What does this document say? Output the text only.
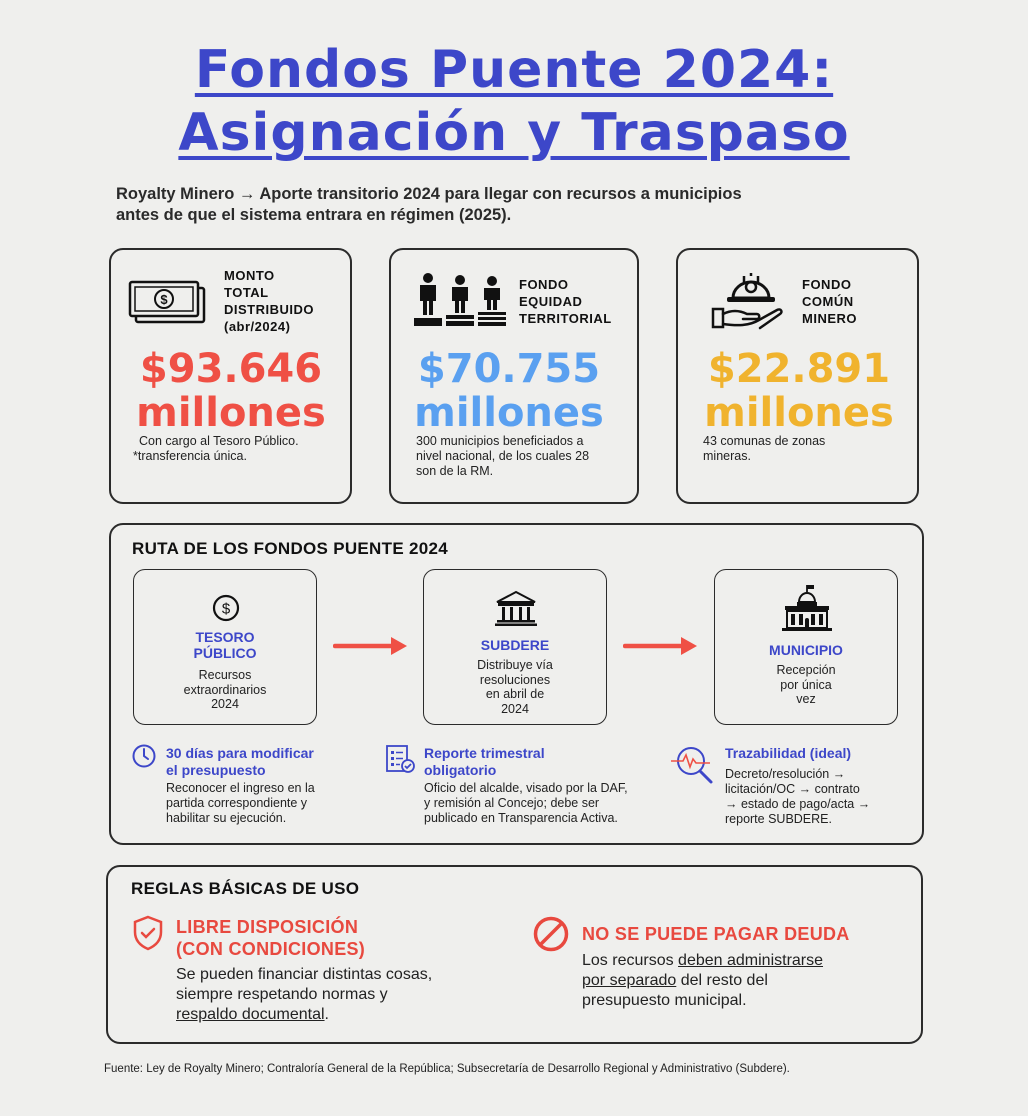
Fondos Puente 2024:
Asignación y Traspaso
Royalty Minero → Aporte transitorio 2024 para llegar con recursos a municipios
antes de que el sistema entrara en régimen (2025).
$
MONTO
TOTAL
DISTRIBUIDO
(abr/2024)
$93.646
millones
Con cargo al Tesoro Público.
*transferencia única.
FONDO
EQUIDAD
TERRITORIAL
$70.755
millones
300 municipios beneficiados a
nivel nacional, de los cuales 28
son de la RM.
FONDO
COMÚN
MINERO
$22.891
millones
43 comunas de zonas
mineras.
RUTA DE LOS FONDOS PUENTE 2024
$
TESORO
PÚBLICO
Recursos
extraordinarios
2024
SUBDERE
Distribuye vía
resoluciones
en abril de
2024
MUNICIPIO
Recepción
por única
vez
30 días para modificar
el presupuesto
Reconocer el ingreso en la
partida correspondiente y
habilitar su ejecución.
Reporte trimestral
obligatorio
Oficio del alcalde, visado por la DAF,
y remisión al Concejo; debe ser
publicado en Transparencia Activa.
Trazabilidad (ideal)
Decreto/resolución →
licitación/OC → contrato
→ estado de pago/acta →
reporte SUBDERE.
REGLAS BÁSICAS DE USO
LIBRE DISPOSICIÓN
(CON CONDICIONES)
Se pueden financiar distintas cosas,
siempre respetando normas y
respaldo documental.
NO SE PUEDE PAGAR DEUDA
Los recursos deben administrarse
por separado del resto del
presupuesto municipal.
Fuente: Ley de Royalty Minero; Contraloría General de la República; Subsecretaría de Desarrollo Regional y Administrativo (Subdere).
